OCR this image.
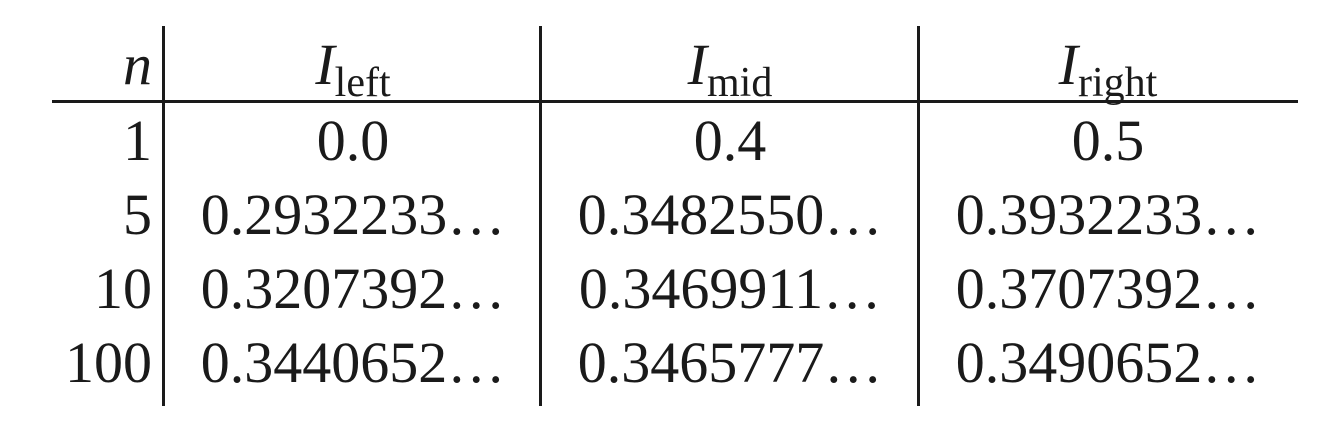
n	$I_{left}$	$I_{mid}$	$I_{right}$
1	0.0	0.4	0.5
5 0.2932233…	0.3482550…	0.3932233…
10 0.3207392…	0.3469911…	0.3707392…
100 0.3440652…	0.3465777…	0.3490652…
